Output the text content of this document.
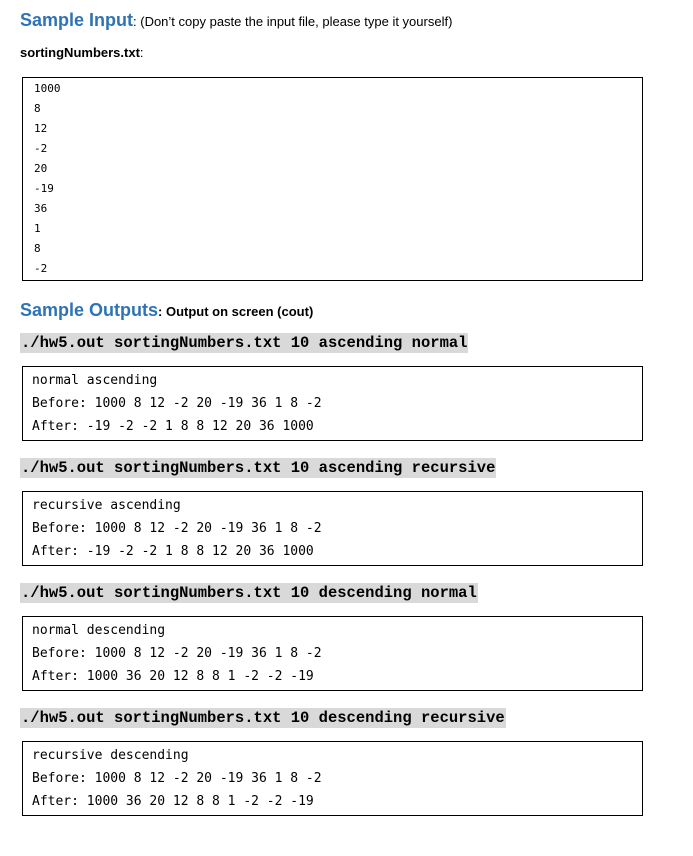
Sample Input: (Don’t copy paste the input file, please type it yourself)
sortingNumbers.txt:
1000
8
12
-2
20
-19
36
1
8
-2
Sample Outputs: Output on screen (cout)
./hw5.out sortingNumbers.txt 10 ascending normal
normal ascending
Before: 1000 8 12 -2 20 -19 36 1 8 -2
After: -19 -2 -2 1 8 8 12 20 36 1000
./hw5.out sortingNumbers.txt 10 ascending recursive
recursive ascending
Before: 1000 8 12 -2 20 -19 36 1 8 -2
After: -19 -2 -2 1 8 8 12 20 36 1000
./hw5.out sortingNumbers.txt 10 descending normal
normal descending
Before: 1000 8 12 -2 20 -19 36 1 8 -2
After: 1000 36 20 12 8 8 1 -2 -2 -19
./hw5.out sortingNumbers.txt 10 descending recursive
recursive descending
Before: 1000 8 12 -2 20 -19 36 1 8 -2
After: 1000 36 20 12 8 8 1 -2 -2 -19
